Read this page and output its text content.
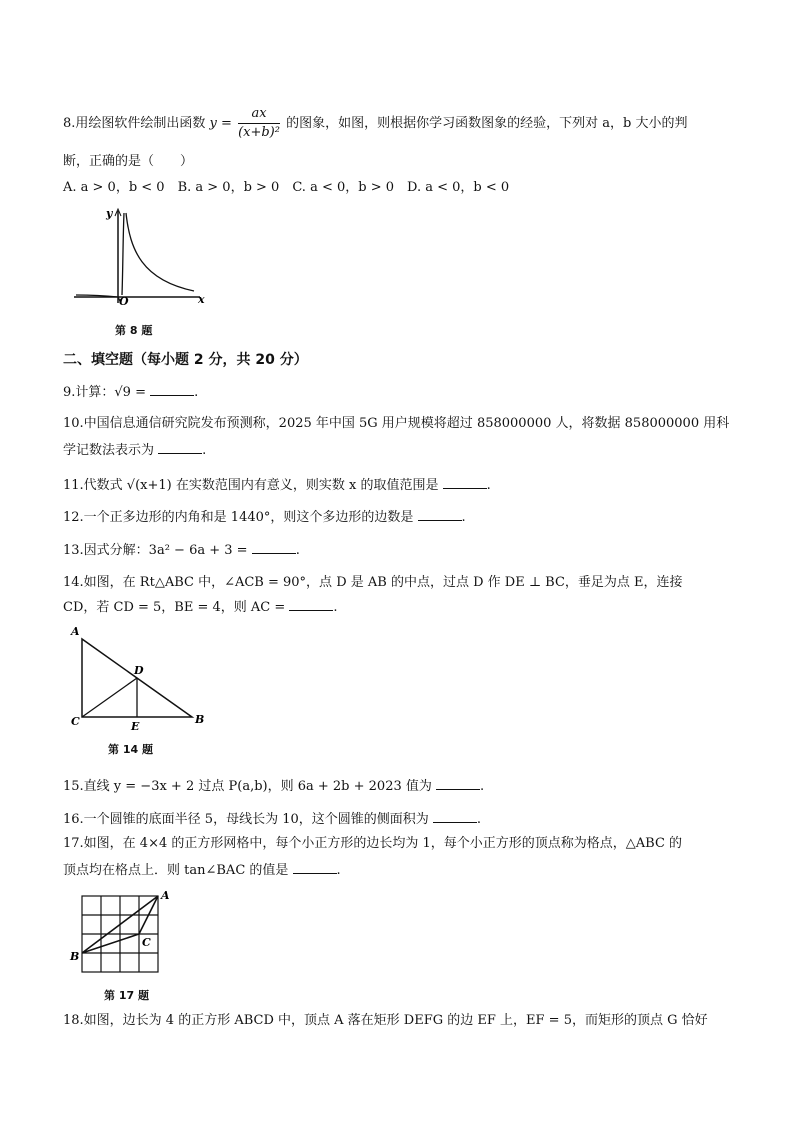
8.用绘图软件绘制出函数 $y = \frac{ax}{\text{(x+b)²}}$ 的图象，如图，则根据你学习函数图象的经验，下列对 a，b 大小的判
断，正确的是（　　）
A. a > 0，b < 0　B. a > 0，b > 0　C. a < 0，b > 0　D. a < 0，b < 0
y
x
O
第 8 题
二、填空题（每小题 2 分，共 20 分）
9.计算：√9 =	.
10.中国信息通信研究院发布预测称，2025 年中国 5G 用户规模将超过 858000000 人，将数据 858000000 用科
学记数法表示为	.
11.代数式 √(x+1) 在实数范围内有意义，则实数 x 的取值范围是	.
12.一个正多边形的内角和是 1440°，则这个多边形的边数是	.
13.因式分解：3a² − 6a + 3 =	.
14.如图，在 Rt△ABC 中，∠ACB = 90°，点 D 是 AB 的中点，过点 D 作 DE ⊥ BC，垂足为点 E，连接
CD，若 CD = 5，BE = 4，则 AC =	.
A
C	B
D
E
第 14 题
15.直线 y = −3x + 2 过点 P(a,b)，则 6a + 2b + 2023 值为	.
16.一个圆锥的底面半径 5，母线长为 10，这个圆锥的侧面积为	.
17.如图，在 4×4 的正方形网格中，每个小正方形的边长均为 1，每个小正方形的顶点称为格点，△ABC 的
顶点均在格点上．则 tan∠BAC 的值是	.
A
B
C
第 17 题
18.如图，边长为 4 的正方形 ABCD 中，顶点 A 落在矩形 DEFG 的边 EF 上，EF = 5，而矩形的顶点 G 恰好
